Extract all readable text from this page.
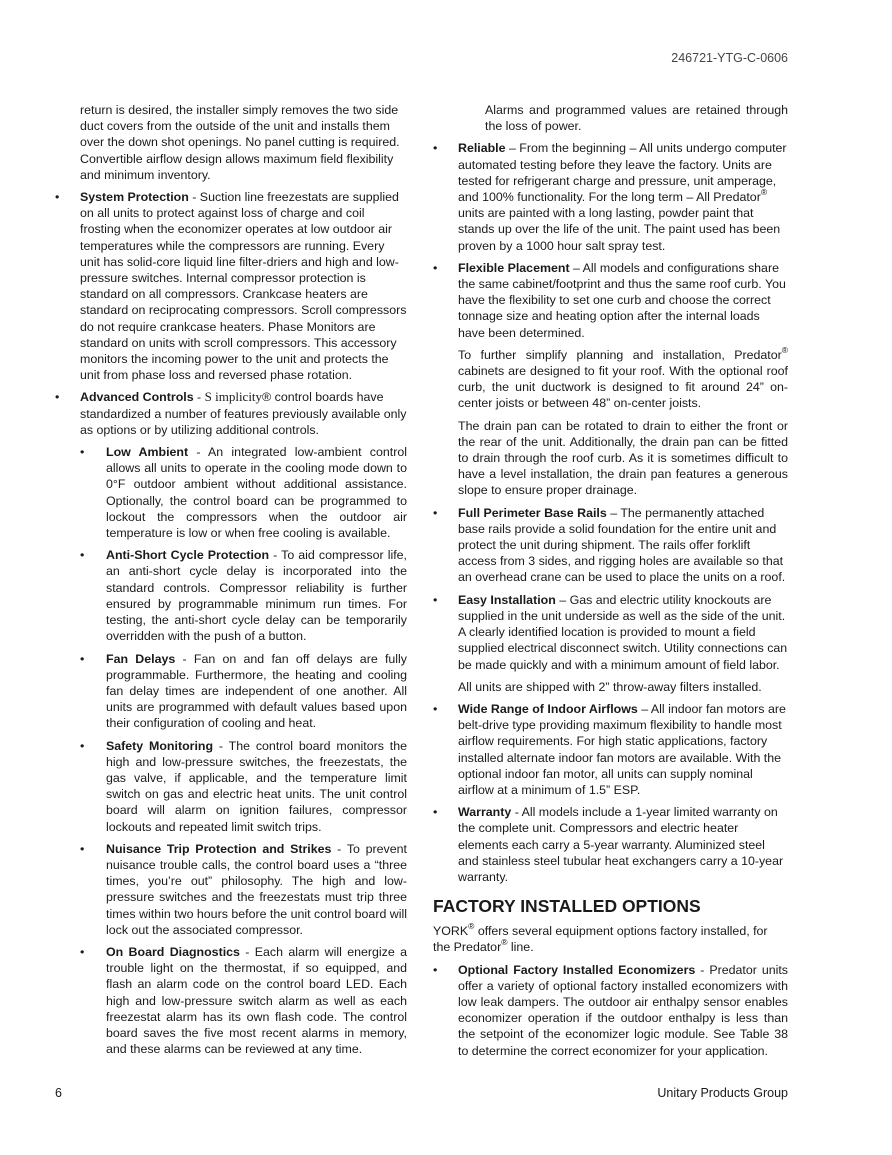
246721-YTG-C-0606

return is desired, the installer simply removes the two side duct covers from the outside of the unit and installs them over the down shot openings. No panel cutting is required. Convertible airflow design allows maximum field flexibility and minimum inventory.

• System Protection - Suction line freezestats are supplied on all units to protect against loss of charge and coil frosting when the economizer operates at low outdoor air temperatures while the compressors are running. Every unit has solid-core liquid line filter-driers and high and low-pressure switches. Internal compressor protection is standard on all compressors. Crankcase heaters are standard on reciprocating compressors. Scroll compressors do not require crankcase heaters. Phase Monitors are standard on units with scroll compressors. This accessory monitors the incoming power to the unit and protects the unit from phase loss and reversed phase rotation.
• Advanced Controls - S implicity® control boards have standardized a number of features previously available only as options or by utilizing additional controls.
• Low Ambient - An integrated low-ambient control allows all units to operate in the cooling mode down to 0°F outdoor ambient without additional assistance. Optionally, the control board can be programmed to lockout the compressors when the outdoor air temperature is low or when free cooling is available.
• Anti-Short Cycle Protection - To aid compressor life, an anti-short cycle delay is incorporated into the standard controls. Compressor reliability is further ensured by programmable minimum run times. For testing, the anti-short cycle delay can be temporarily overridden with the push of a button.
• Fan Delays - Fan on and fan off delays are fully programmable. Furthermore, the heating and cooling fan delay times are independent of one another. All units are programmed with default values based upon their configuration of cooling and heat.
• Safety Monitoring - The control board monitors the high and low-pressure switches, the freezestats, the gas valve, if applicable, and the temperature limit switch on gas and electric heat units. The unit control board will alarm on ignition failures, compressor lockouts and repeated limit switch trips.
• Nuisance Trip Protection and Strikes - To prevent nuisance trouble calls, the control board uses a “three times, you’re out” philosophy. The high and low-pressure switches and the freezestats must trip three times within two hours before the unit control board will lock out the associated compressor.
• On Board Diagnostics - Each alarm will energize a trouble light on the thermostat, if so equipped, and flash an alarm code on the control board LED. Each high and low-pressure switch alarm as well as each freezestat alarm has its own flash code. The control board saves the five most recent alarms in memory, and these alarms can be reviewed at any time.

Alarms and programmed values are retained through the loss of power.

• Reliable – From the beginning – All units undergo computer automated testing before they leave the factory. Units are tested for refrigerant charge and pressure, unit amperage, and 100% functionality. For the long term – All Predator® units are painted with a long lasting, powder paint that stands up over the life of the unit. The paint used has been proven by a 1000 hour salt spray test.
• Flexible Placement – All models and configurations share the same cabinet/footprint and thus the same roof curb. You have the flexibility to set one curb and choose the correct tonnage size and heating option after the internal loads have been determined.

To further simplify planning and installation, Predator® cabinets are designed to fit your roof. With the optional roof curb, the unit ductwork is designed to fit around 24” on-center joists or between 48” on-center joists.

The drain pan can be rotated to drain to either the front or the rear of the unit. Additionally, the drain pan can be fitted to drain through the roof curb. As it is sometimes difficult to have a level installation, the drain pan features a generous slope to ensure proper drainage.

• Full Perimeter Base Rails – The permanently attached base rails provide a solid foundation for the entire unit and protect the unit during shipment. The rails offer forklift access from 3 sides, and rigging holes are available so that an overhead crane can be used to place the units on a roof.
• Easy Installation – Gas and electric utility knockouts are supplied in the unit underside as well as the side of the unit. A clearly identified location is provided to mount a field supplied electrical disconnect switch. Utility connections can be made quickly and with a minimum amount of field labor.

All units are shipped with 2” throw-away filters installed.

• Wide Range of Indoor Airflows – All indoor fan motors are belt-drive type providing maximum flexibility to handle most airflow requirements. For high static applications, factory installed alternate indoor fan motors are available. With the optional indoor fan motor, all units can supply nominal airflow at a minimum of 1.5” ESP.
• Warranty - All models include a 1-year limited warranty on the complete unit. Compressors and electric heater elements each carry a 5-year warranty. Aluminized steel and stainless steel tubular heat exchangers carry a 10-year warranty.
FACTORY INSTALLED OPTIONS

YORK® offers several equipment options factory installed, for the Predator® line.

• Optional Factory Installed Economizers - Predator units offer a variety of optional factory installed economizers with low leak dampers. The outdoor air enthalpy sensor enables economizer operation if the outdoor enthalpy is less than the setpoint of the economizer logic module. See Table 38 to determine the correct economizer for your application.
6	Unitary Products Group
